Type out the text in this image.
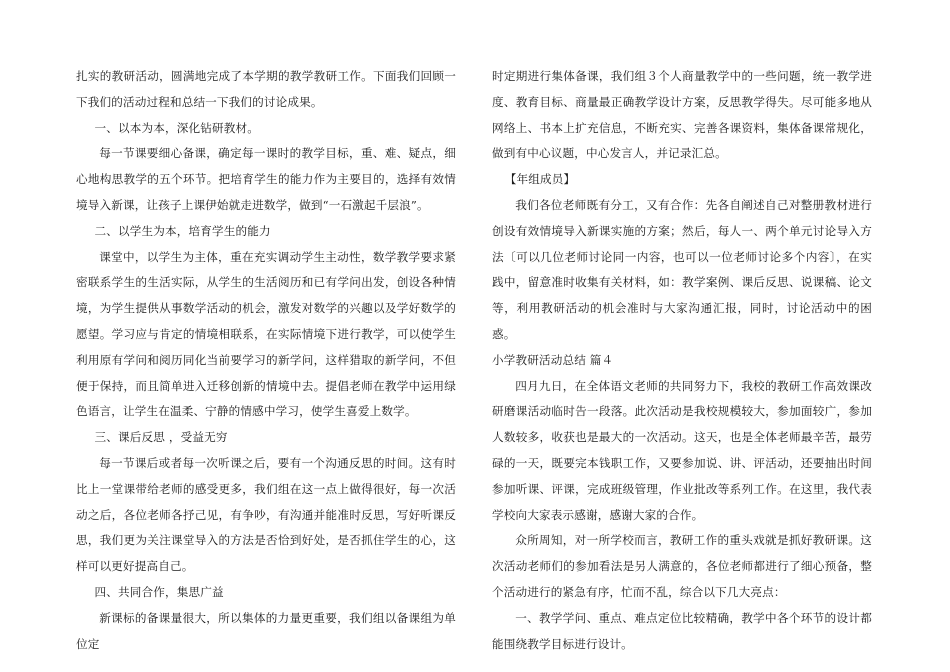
扎实的教研活动，圆满地完成了本学期的教学教研工作。下面我们回顾一下我们的活动过程和总结一下我们的讨论成果。

一、以本为本，深化钻研教材。

每一节课要细心备课，确定每一课时的教学目标，重、难、疑点，细心地构思教学的五个环节。把培育学生的能力作为主要目的，选择有效情境导入新课，让孩子上课伊始就走进数学，做到“一石激起千层浪”。

二、以学生为本，培育学生的能力

课堂中，以学生为主体，重在充实调动学生主动性，数学教学要求紧密联系学生的生活实际，从学生的生活阅历和已有学问出发，创设各种情境，为学生提供从事数学活动的机会，激发对数学的兴趣以及学好数学的愿望。学习应与肯定的情境相联系，在实际情境下进行教学，可以使学生利用原有学问和阅历同化当前要学习的新学问，这样猎取的新学问，不但便于保持，而且简单进入迁移创新的情境中去。提倡老师在教学中运用绿色语言，让学生在温柔、宁静的情感中学习，使学生喜爱上数学。

三、课后反思 ，受益无穷

每一节课后或者每一次听课之后，要有一个沟通反思的时间。这有时比上一堂课带给老师的感受更多，我们组在这一点上做得很好，每一次活动之后，各位老师各抒己见，有争吵，有沟通并能准时反思，写好听课反思，我们更为关注课堂导入的方法是否恰到好处，是否抓住学生的心，这样可以更好提高自己。

四、共同合作，集思广益

新课标的备课量很大，所以集体的力量更重要，我们组以备课组为单位定

时定期进行集体备课，我们组３个人商量教学中的一些问题，统一教学进度、教育目标、商量最正确教学设计方案，反思教学得失。尽可能多地从网络上、书本上扩充信息，不断充实、完善各课资料，集体备课常规化，做到有中心议题，中心发言人，并记录汇总。

【年组成员】

我们各位老师既有分工，又有合作：先各自阐述自己对整册教材进行创设有效情境导入新课实施的方案；然后，每人一、两个单元讨论导入方法〔可以几位老师讨论同一内容，也可以一位老师讨论多个内容〕，在实践中，留意准时收集有关材料，如：教学案例、课后反思、说课稿、论文等，利用教研活动的机会准时与大家沟通汇报，同时，讨论活动中的困惑。

小学教研活动总结 篇４

四月九日，在全体语文老师的共同努力下，我校的教研工作高效课改研磨课活动临时告一段落。此次活动是我校规模较大，参加面较广，参加人数较多，收获也是最大的一次活动。这天，也是全体老师最辛苦，最劳碌的一天，既要完本钱职工作，又要参加说、讲、评活动，还要抽出时间参加听课、评课，完成班级管理，作业批改等系列工作。在这里，我代表学校向大家表示感谢，感谢大家的合作。

众所周知，对一所学校而言，教研工作的重头戏就是抓好教研课。这次活动老师们的参加看法是另人满意的，各位老师都进行了细心预备，整个活动进行的紧急有序，忙而不乱，综合以下几大亮点：

一、教学学问、重点、难点定位比较精确，教学中各个环节的设计都能围绕教学目标进行设计。
